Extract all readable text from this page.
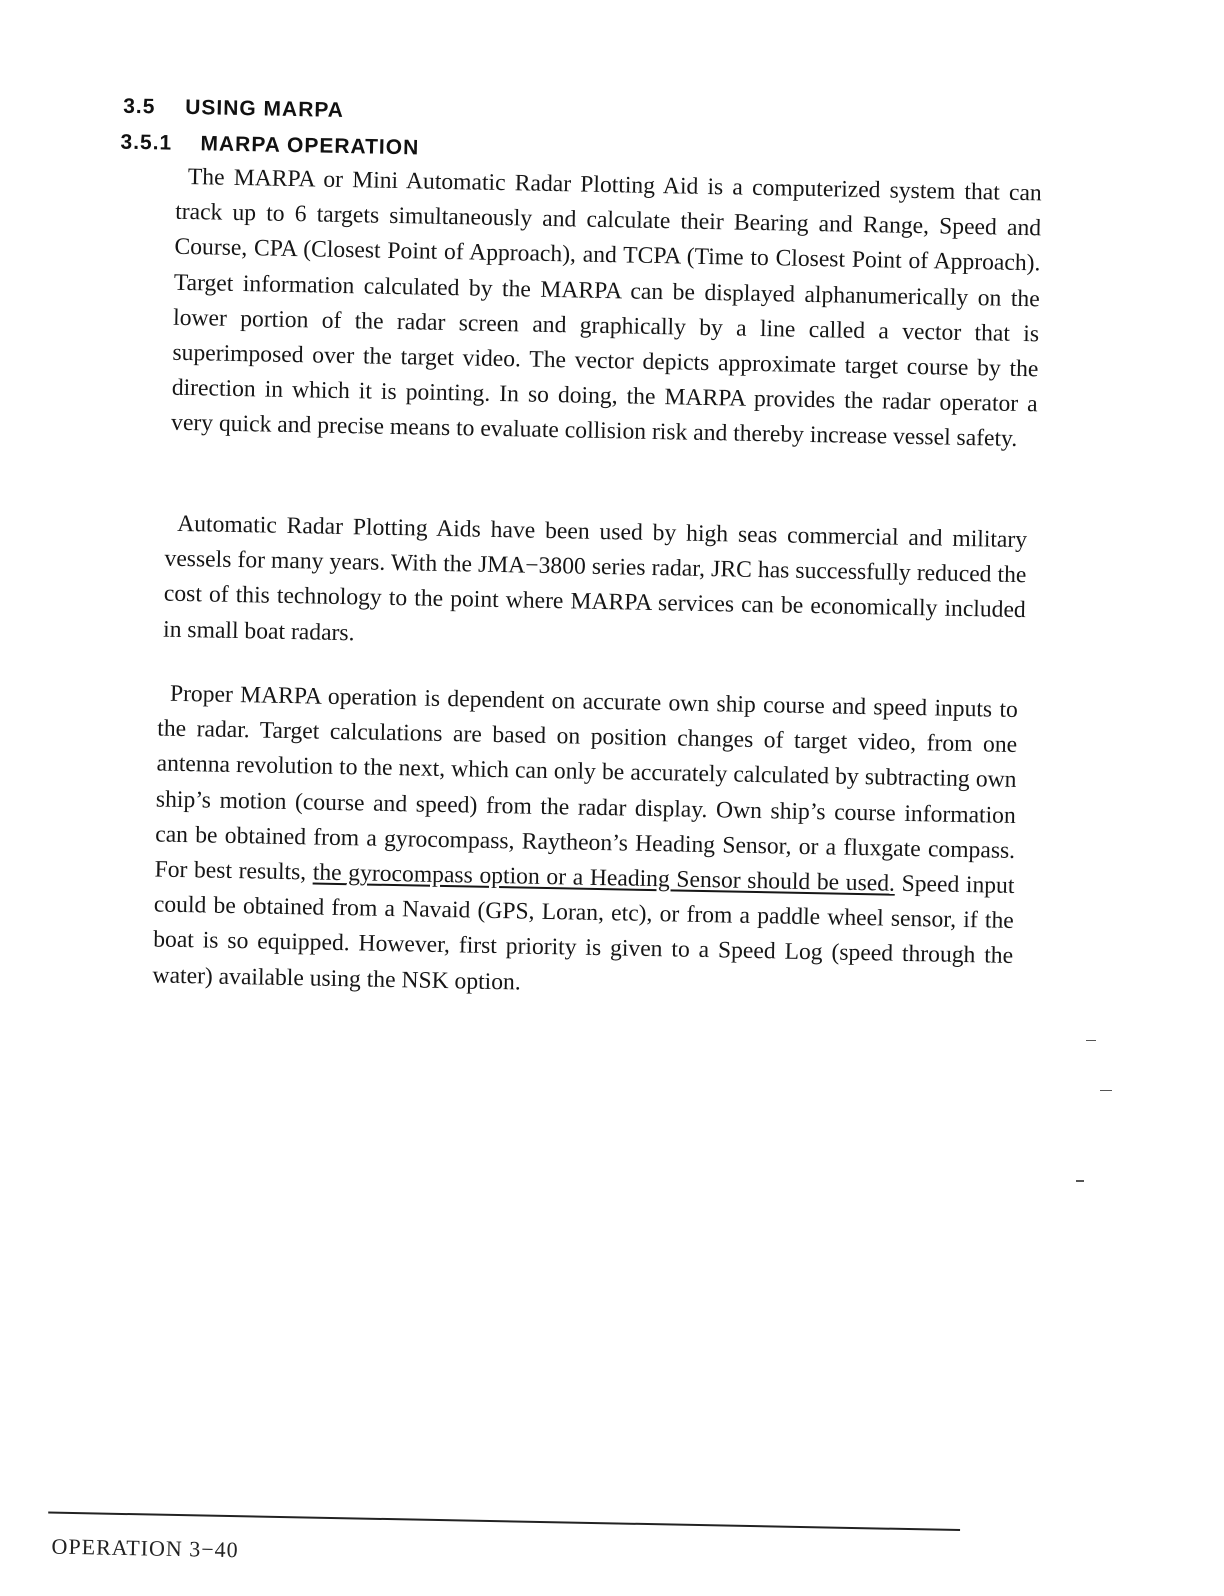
3.5 USING MARPA
3.5.1 MARPA OPERATION

The MARPA or Mini Automatic Radar Plotting Aid is a computerized system that can track up to 6 targets simultaneously and calculate their Bearing and Range, Speed and Course, CPA (Closest Point of Approach), and TCPA (Time to Closest Point of Approach). Target information calculated by the MARPA can be displayed alphanumerically on the lower portion of the radar screen and graphically by a line called a vector that is superimposed over the target video. The vector depicts approximate target course by the direction in which it is pointing. In so doing, the MARPA provides the radar operator a very quick and precise means to evaluate collision risk and thereby increase vessel safety.

Automatic Radar Plotting Aids have been used by high seas commercial and military vessels for many years. With the JMA−3800 series radar, JRC has successfully reduced the cost of this technology to the point where MARPA services can be economically included in small boat radars.

Proper MARPA operation is dependent on accurate own ship course and speed inputs to the radar. Target calculations are based on position changes of target video, from one antenna revolution to the next, which can only be accurately calculated by subtracting own ship’s motion (course and speed) from the radar display. Own ship’s course information can be obtained from a gyrocompass, Raytheon’s Heading Sensor, or a fluxgate compass. For best results, the gyrocompass option or a Heading Sensor should be used. Speed input could be obtained from a Navaid (GPS, Loran, etc), or from a paddle wheel sensor, if the boat is so equipped. However, first priority is given to a Speed Log (speed through the water) available using the NSK option.

OPERATION 3−40
